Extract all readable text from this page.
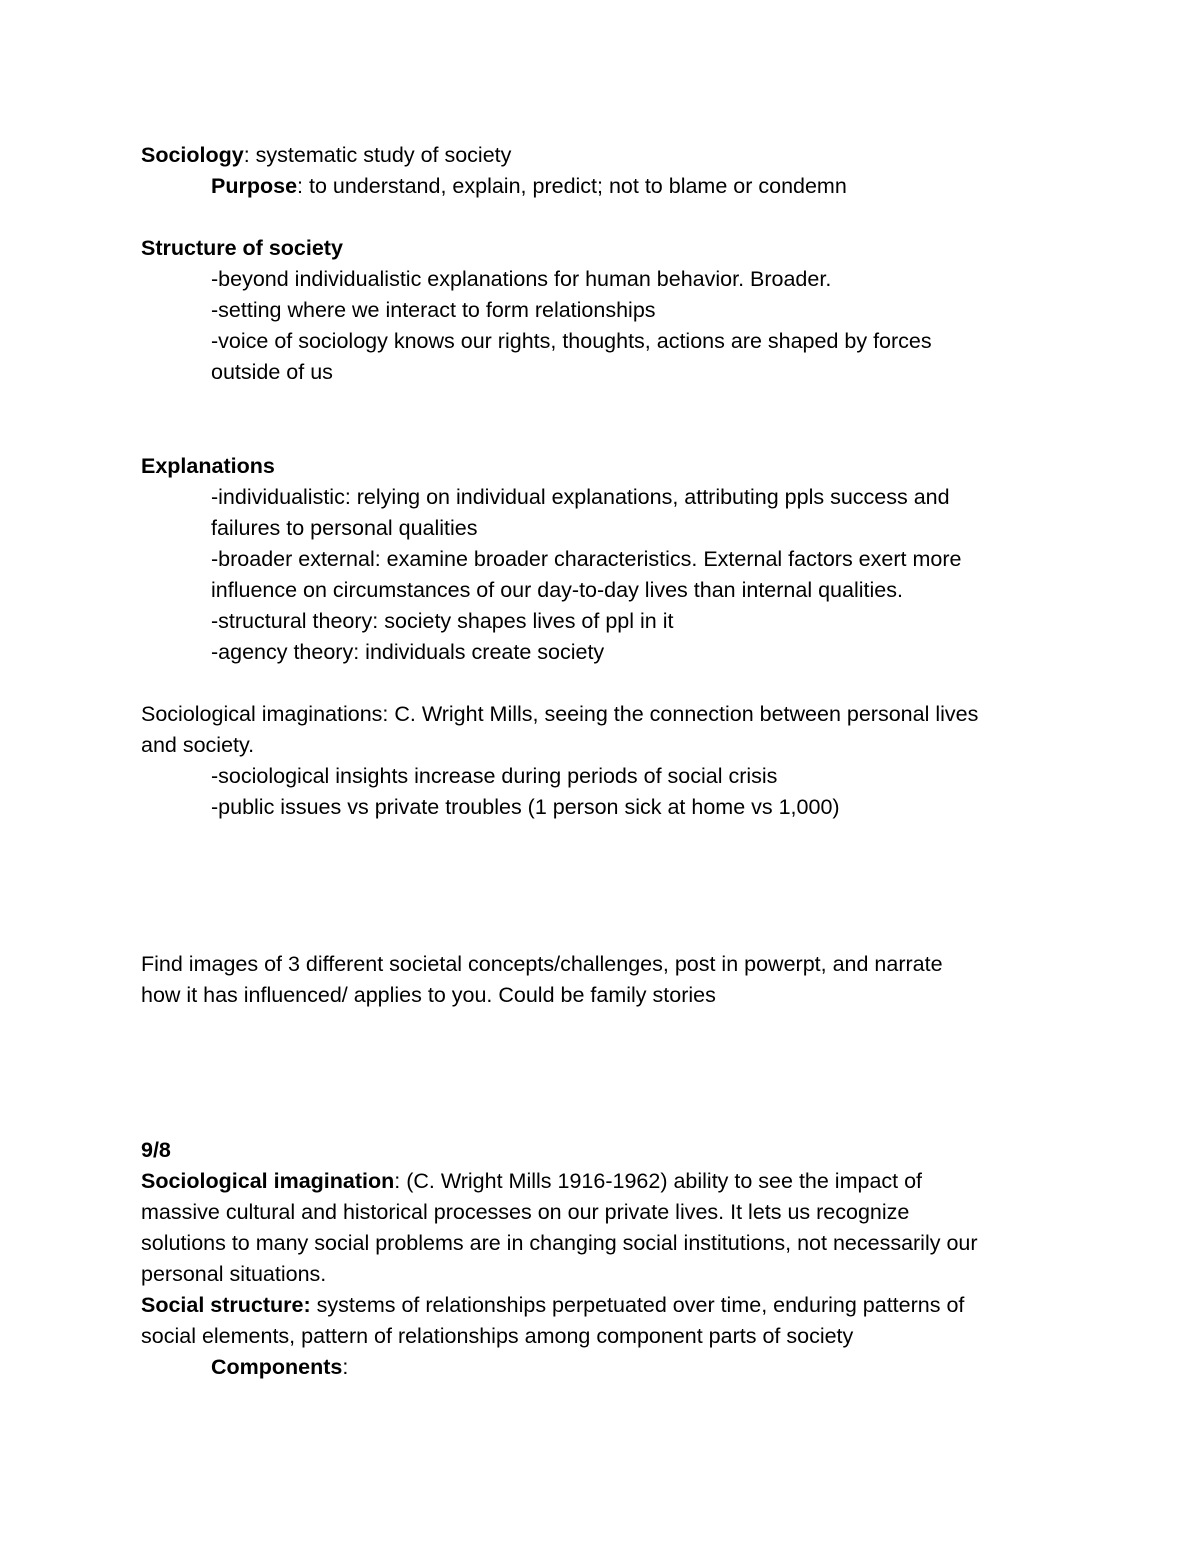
Sociology: systematic study of society

Purpose: to understand, explain, predict; not to blame or condemn

Structure of society

-beyond individualistic explanations for human behavior. Broader.

-setting where we interact to form relationships

-voice of sociology knows our rights, thoughts, actions are shaped by forces

outside of us

Explanations

-individualistic: relying on individual explanations, attributing ppls success and

failures to personal qualities

-broader external: examine broader characteristics. External factors exert more

influence on circumstances of our day-to-day lives than internal qualities.

-structural theory: society shapes lives of ppl in it

-agency theory: individuals create society

Sociological imaginations: C. Wright Mills, seeing the connection between personal lives

and society.

-sociological insights increase during periods of social crisis

-public issues vs private troubles (1 person sick at home vs 1,000)

Find images of 3 different societal concepts/challenges, post in powerpt, and narrate

how it has influenced/ applies to you. Could be family stories

9/8

Sociological imagination: (C. Wright Mills 1916-1962) ability to see the impact of

massive cultural and historical processes on our private lives. It lets us recognize

solutions to many social problems are in changing social institutions, not necessarily our

personal situations.

Social structure: systems of relationships perpetuated over time, enduring patterns of

social elements, pattern of relationships among component parts of society

Components:
